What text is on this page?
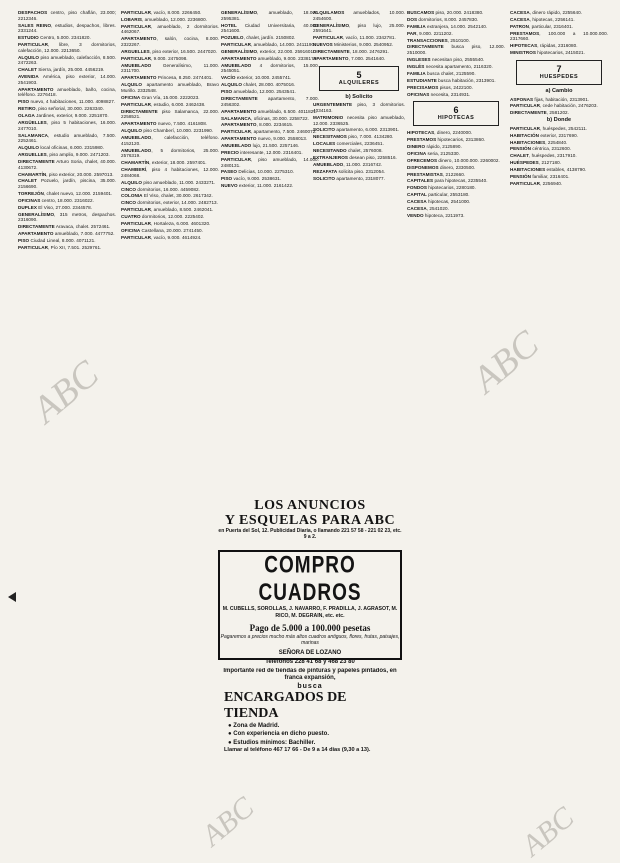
DESPACHOS centro, piso chaflán, 23.000; 2212346.

SALES REINO, estudios, despachos, libres. 2331244.

ESTUDIO Centro, 5.000. 2341820.

PARTICULAR, libre, 3 dormitorios, calefacción, 12.000. 2213650.

ALQUILO piso amueblado, calefacción, 8.500. 2472263.

CHALET Sierra, jardín, 25.000. 4456219.

AVENIDA América, piso exterior, 14.000. 2541903.

APARTAMENTO amueblado, baño, cocina, teléfono. 2276418.

PISO nuevo, 4 habitaciones, 11.000. 4098827.

RETIRO, piso señorial, 30.000. 2263340.

OLAGA Jardines, exterior, 9.000. 2251870.

ARGÜELLES, piso 5 habitaciones, 16.000. 2477010.

SALAMANCA, estudio amueblado, 7.500. 2252461.

ALQUILO local oficinas, 6.000. 2315980.

ARGUELLES, piso amplio, 9.000. 2471203.

DIRECTAMENTE Arturo Soria, chalet, 40.000. 4130672.

CHAMARTÍN, piso exterior, 20.000. 2597013.

CHALET Pozuelo, jardín, piscina, 35.000. 2156690.

TORREJÓN, chalet nuevo, 12.000. 2159401.

OFICINAS centro, 18.000. 2316022.

DUPLEX El Viso, 27.000. 2344578.

GENERALÍSIMO, 315 metros, despachos. 2316090.

DIRECTAMENTE Aravaca, chalet. 2572461.

APARTAMENTO amueblado, 7.000. 4477752.

PISO Ciudad Lineal, 8.000. 4071121.

PARTICULAR, Pío XII, 7.501. 2529761.

PARTICULAR, vacío, 8.000. 2266450.

LOBARIS, amueblado, 12.000. 2236800.

PARTICULAR, amueblado, 2 dormitorios. 4462067.

APARTAMENTO, salón, cocina, 8.000. 2322267.

ARGUELLES, piso exterior, 16.500. 2447020.

PARTICULAR, 9.000. 2475098.

AMUEBLADO Generalísimo, 11.000. 2311700.

APARTAMENTO Princesa, 8.250. 2474401.

ALQUILO apartamento amueblado, Bravo Murillo. 2332548.

OFICINA Gran Vía, 15.000. 2222023.

PARTICULAR, estudio, 6.000. 2462438.

DIRECTAMENTE piso Salamanca, 22.000. 2258521.

APARTAMENTO nuevo, 7.500. 4161808.

ALQUILO piso Chamberí, 10.000. 2231990.

AMUEBLADO, calefacción, teléfono. 4152120.

AMUEBLADO, 5 dormitorios, 25.000. 2576319.

CHAMARTÍN, exterior, 18.000. 2597401.

CHAMBERÍ, piso 4 habitaciones, 12.000. 2484068.

ALQUILO piso amueblado, 11.000. 2433271.

CINCO dormitorios, 16.000. 4459082.

COLONIA El Viso, chalet, 30.000. 2617342.

CINCO dormitorios, exterior, 14.000. 2482713.

PARTICULAR, amueblado, 8.500. 2462041.

CUATRO dormitorios, 12.000. 2225402.

PARTICULAR, Hortaleza, 6.000. 4601320.

OFICINA Castellana, 20.000. 2741450.

PARTICULAR, vacío, 9.000. 4614924.

GENERALÍSIMO, amueblado, 18.000. 2595381.

HOTEL Ciudad Universitaria, 40.000. 2541600.

POZUELO, chalet, jardín. 2150802.

PARTICULAR, amueblado, 14.000. 2411190.

GENERALÍSIMO, exterior, 22.000. 2591601.

APARTAMENTO amueblado, 9.000. 2338170.

AMUEBLADO 4 dormitorios, 15.000. 2545051.

VACÍO exterior, 10.000. 2455741.

ALQUILO chalet, 28.000. 4075016.

PISO amueblado, 12.000. 2543541.

DIRECTAMENTE apartamento, 7.000. 2456302.

APARTAMENTO amueblado, 6.500. 4011821.

SALAMANCA, oficinas, 30.000. 2258722.

APARTAMENTO, 8.000. 2234615.

PARTICULAR, apartamento, 7.500. 2460072.

APARTAMENTO nuevo, 9.000. 2558013.

AMUEBLADO lujo, 21.500. 2257146.

PRECIO interesante, 12.000. 2316401.

PARTICULAR, piso amueblado, 14.000. 2480131.

PASEO Delicias, 10.000. 2275310.

PISO vacío, 9.000. 2538631.

NUEVO exterior, 11.000. 2161422.

ALQUILAMOS amueblados, 10.000. 2454600.

GENERALÍSIMO, piso lujo, 25.000. 2591641.

PARTICULAR, vacío, 11.000. 2342781.

NUEVOS Ministerios, 9.000. 2540952.

DIRECTAMENTE, 18.000. 2476291.

APARTAMENTO, 7.000. 2541640.

5
ALQUILERES
b) Solicito

URGENTEMENTE piso, 3 dormitorios. 4034163.

MATRIMONIO necesita piso amueblado, 12.000. 2336525.

SOLICITO apartamento, 6.000. 2313901.

NECESITAMOS piso, 7.000. 4134280.

LOCALES comerciales, 2236451.

NECESITANDO chalet, 2576008.

EXTRANJEROS desean piso, 2258516.

AMUEBLADO, 11.000. 2316742.

REZAFATA solicita piso. 2312054.

SOLICITO apartamento, 2318077.

BUSCAMOS piso, 20.000. 2418380.

DOS dormitorios, 8.000. 2457830.

FAMILIA extranjera, 14.000. 2542140.

PAR, 9.000. 2211202.

TRANSACCIONES, 2510100.

DIRECTAMENTE busca piso, 12.000. 2510000.

INGLESES necesitan piso, 2555540.

INGLÉS necesita apartamento, 2116320.

FAMILIA busca chalet, 2125590.

ESTUDIANTE busca habitación, 2313901.

PRECISAMOS pisos, 2422100.

OFICINAS necesita, 2314931.

6
HIPOTECAS

HIPOTECAS, dinero, 2240000.

PRESTAMOS hipotecarios, 2313860.

DINERO rápido, 2125890.

OFICINA seria, 2125330.

OFRECEMOS dinero, 10.000.000. 2260002.

DISPONEMOS dinero, 2330500.

PRESTAMISTAS, 2122660.

CAPITALES para hipotecas, 2235540.

FONDOS hipotecarios, 2280180.

CAPITAL particular, 2553180.

CACESA hipotecas, 2541000.

CACESA, 2541020.

VENDO hipoteca, 2211973.

CACESA, dinero rápido, 2255640.

CACESA, hipotecas, 2256141.

PATRON, particular, 2316401.

PRESTAMOS, 100.000 a 10.000.000. 2317660.

HIPOTECAS, rápidas, 2316080.

MINISTROS hipotecarios, 2415021.

7
HUESPEDES
a) Cambio

ASPONAS fijas, habitación, 2313901.

PARTICULAR, cede habitación, 2476203.

DIRECTAMENTE, 2581202.

b) Donde

PARTICULAR, huéspedes, 2542111.

HABITACIÓN exterior, 2317690.

HABITACIONES, 2254840.

PENSIÓN céntrica, 2312600.

CHALET, huéspedes, 2317910.

HUÉSPEDES, 2127180.

HABITACIONES estables, 4138790.

PENSIÓN familiar, 2316401.

PARTICULAR, 2256940.

LOS ANUNCIOS
Y ESQUELAS PARA ABC
en Puerta del Sol, 12. Publicidad Diaria, o llamando 221 57 58 - 221 02 23, etc. 9 a 2.
COMPRO CUADROS
M. CUBELLS, SOROLLAS, J. NAVARRO, F. PRADILLA, J. AGRASOT, M. RICO, M. DEGRAIN, etc. etc.
Pago de 5.000 a 100.000 pesetas
Pagaremos a precios mucho más altos cuadros antiguos, flores, frutas, paisajes, marinas
SEÑORA DE LOZANO
Teléfonos 228 41 68 y 468 23 80
Importante red de tiendas de pinturas y papeles pintados, en franca expansión,
busca
ENCARGADOS DE
TIENDA
● Zona de Madrid.
● Con experiencia en dicho puesto.
● Estudios mínimos: Bachiller.
Llamar al teléfono 467 17 66 - De 9 a 14 días (9,30 a 13).
ABC	ABC
ABC	ABC
